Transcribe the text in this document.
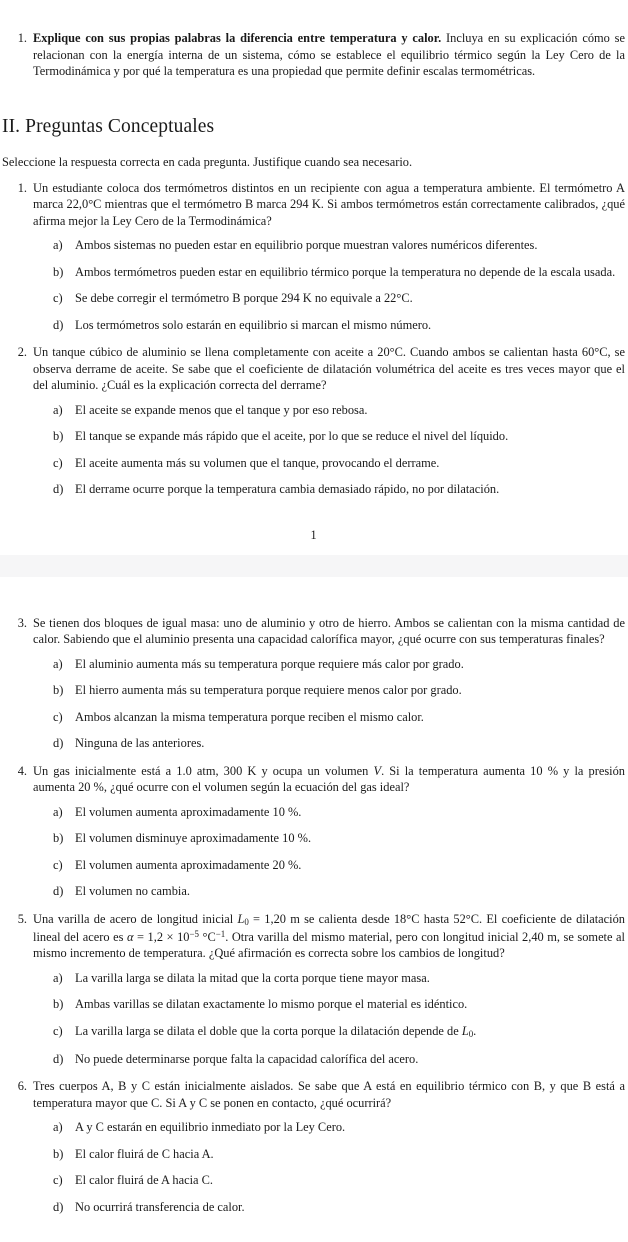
1. Explique con sus propias palabras la diferencia entre temperatura y calor. Incluya en su explicación cómo se relacionan con la energía interna de un sistema, cómo se establece el equilibrio térmico según la Ley Cero de la Termodinámica y por qué la temperatura es una propiedad que permite definir escalas termométricas.
II. Preguntas Conceptuales

Seleccione la respuesta correcta en cada pregunta. Justifique cuando sea necesario.

1. Un estudiante coloca dos termómetros distintos en un recipiente con agua a temperatura ambiente. El termómetro A marca 22,0°C mientras que el termómetro B marca 294 K. Si ambos termómetros están correctamente calibrados, ¿qué afirma mejor la Ley Cero de la Termodinámica?
a) Ambos sistemas no pueden estar en equilibrio porque muestran valores numéricos diferentes.
b) Ambos termómetros pueden estar en equilibrio térmico porque la temperatura no depende de la escala usada.
c) Se debe corregir el termómetro B porque 294 K no equivale a 22°C.
d) Los termómetros solo estarán en equilibrio si marcan el mismo número.
2. Un tanque cúbico de aluminio se llena completamente con aceite a 20°C. Cuando ambos se calientan hasta 60°C, se observa derrame de aceite. Se sabe que el coeficiente de dilatación volumétrica del aceite es tres veces mayor que el del aluminio. ¿Cuál es la explicación correcta del derrame?
a) El aceite se expande menos que el tanque y por eso rebosa.
b) El tanque se expande más rápido que el aceite, por lo que se reduce el nivel del líquido.
c) El aceite aumenta más su volumen que el tanque, provocando el derrame.
d) El derrame ocurre porque la temperatura cambia demasiado rápido, no por dilatación.
1
3. Se tienen dos bloques de igual masa: uno de aluminio y otro de hierro. Ambos se calientan con la misma cantidad de calor. Sabiendo que el aluminio presenta una capacidad calorífica mayor, ¿qué ocurre con sus temperaturas finales?
a) El aluminio aumenta más su temperatura porque requiere más calor por grado.
b) El hierro aumenta más su temperatura porque requiere menos calor por grado.
c) Ambos alcanzan la misma temperatura porque reciben el mismo calor.
d) Ninguna de las anteriores.
4. Un gas inicialmente está a 1.0 atm, 300 K y ocupa un volumen V. Si la temperatura aumenta 10 % y la presión aumenta 20 %, ¿qué ocurre con el volumen según la ecuación del gas ideal?
a) El volumen aumenta aproximadamente 10 %.
b) El volumen disminuye aproximadamente 10 %.
c) El volumen aumenta aproximadamente 20 %.
d) El volumen no cambia.
5. Una varilla de acero de longitud inicial $L_0 = 1,20$ m se calienta desde 18°C hasta 52°C. El coeficiente de dilatación lineal del acero es $\alpha = 1,2 \times 10^{-5}$ $^\circ C^{-1}$. Otra varilla del mismo material, pero con longitud inicial 2,40 m, se somete al mismo incremento de temperatura. ¿Qué afirmación es correcta sobre los cambios de longitud?
a) La varilla larga se dilata la mitad que la corta porque tiene mayor masa.
b) Ambas varillas se dilatan exactamente lo mismo porque el material es idéntico.
c) La varilla larga se dilata el doble que la corta porque la dilatación depende de $L_0$.
d) No puede determinarse porque falta la capacidad calorífica del acero.
6. Tres cuerpos A, B y C están inicialmente aislados. Se sabe que A está en equilibrio térmico con B, y que B está a temperatura mayor que C. Si A y C se ponen en contacto, ¿qué ocurrirá?
a) A y C estarán en equilibrio inmediato por la Ley Cero.
b) El calor fluirá de C hacia A.
c) El calor fluirá de A hacia C.
d) No ocurrirá transferencia de calor.
